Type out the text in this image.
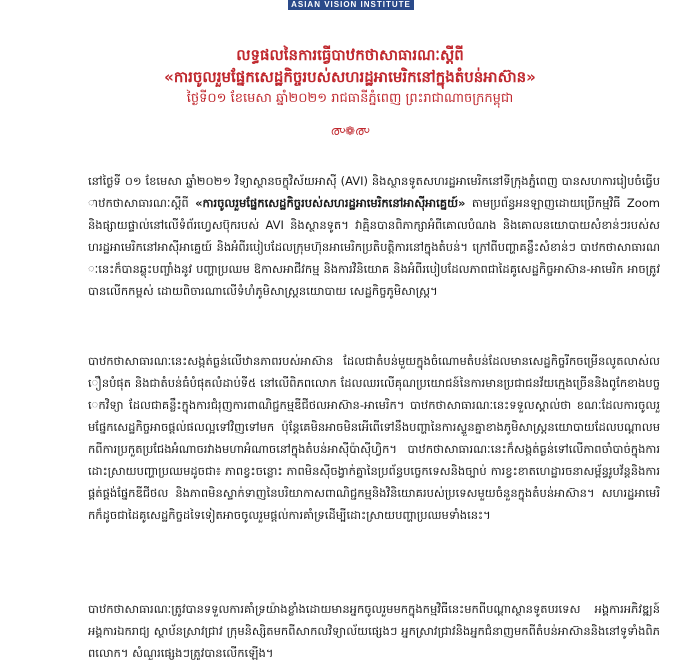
ASIAN VISION INSTITUTE
លទ្ធផលនៃការធ្វើបាឋកថាសាធារណៈស្ដីពី
«ការចូលរួមផ្នែកសេដ្ឋកិច្ចរបស់សហរដ្ឋអាមេរិកនៅក្នុងតំបន់អាស៊ាន»
ថ្ងៃទី០១ ខែមេសា ឆ្នាំ២០២១ រាជធានីភ្នំពេញ ព្រះរាជាណាចក្រកម្ពុជា
൞❁൞
នៅថ្ងៃទី ០១ ខែមេសា ឆ្នាំ២០២១ វិទ្យាស្ថានចក្ខុវិស័យអាស៊ី (AVI) និងស្ថានទូតសហរដ្ឋអាមេរិកនៅទីក្រុងភ្នំពេញ បានសហការរៀបចំធ្វើបាឋកថាសាធារណៈស្ដីពី «ការចូលរួមផ្នែកសេដ្ឋកិច្ចរបស់សហរដ្ឋអាមេរិកនៅអាស៊ីអាគ្នេយ៍» តាមប្រព័ន្ធអនឡាញដោយប្រើកម្មវិធី Zoom និងផ្សាយផ្ទាល់នៅលើទំព័រហ្វេសប៊ុករបស់ AVI និងស្ថានទូត។ វាគ្មិនបានពិភាក្សាអំពីគោលបំណង និងគោលនយោបាយសំខាន់ៗរបស់សហរដ្ឋអាមេរិកនៅអាស៊ីអាគ្នេយ៍ និងអំពីរបៀបដែលក្រុមហ៊ុនអាមេរិកប្រតិបត្តិការនៅក្នុងតំបន់។ ក្រៅពីបញ្ហាគន្លឹះសំខាន់ៗ បាឋកថាសាធារណៈនេះក៏បានឆ្លុះបញ្ចាំងនូវ បញ្ហាប្រឈម ឱកាសអាជីវកម្ម និងការវិនិយោគ និងអំពីរបៀបដែលភាពជាដៃគូសេដ្ឋកិច្ចអាស៊ាន-អាមេរិក អាចត្រូវបានលើកកម្ពស់ ដោយពិចារណាលើទំហំភូមិសាស្ត្រនយោបាយ សេដ្ឋកិច្ចភូមិសាស្ត្រ។
បាឋកថាសាធារណៈនេះសង្កត់ធ្ងន់លើឋានភាពរបស់អាស៊ាន ដែលជាតំបន់មួយក្នុងចំណោមតំបន់ដែលមានសេដ្ឋកិច្ចរីកចម្រើនលូតលាស់លឿនបំផុត និងជាតំបន់ធំបំផុតលំដាប់ទី៥ នៅលើពិភពលោក ដែលឈរលើគុណប្រយោជន៍នៃការមានប្រជាជនវ័យក្មេងច្រើននិងពូកែខាងបច្ចេកវិទ្យា ដែលជាគន្លឹះក្នុងការជំរុញការពាណិជ្ជកម្មឌីជីថលអាស៊ាន-អាមេរិក។ បាឋកថាសាធារណៈនេះទទួលស្គាល់ថា ខណៈដែលការចូលរួមផ្នែកសេដ្ឋកិច្ចអាចផ្ដល់ផលល្អទៅវិញទៅមក ប៉ុន្តែគេមិនអាចមិនអើពើទៅនឹងបញ្ហានៃការស្ទួនគ្នាខាងភូមិសាស្ត្រនយោបាយដែលបណ្ដាលមកពីការប្រកួតប្រជែងអំណាចរវាងមហាអំណាចនៅក្នុងតំបន់អាស៊ីប៉ាស៊ីហ្វិក។ បាឋកថាសាធារណៈនេះក៏សង្កត់ធ្ងន់ទៅលើភាពចាំបាច់ក្នុងការដោះស្រាយបញ្ហាប្រឈមដូចជា៖ ភាពខ្វះចន្លោះ ភាពមិនស៊ីចង្វាក់គ្នានៃប្រព័ន្ធបច្ចេកទេសនិងច្បាប់ ការខ្វះខាតហេដ្ឋារចនាសម្ព័ន្ធរូបវ័ន្តនិងការផ្គត់ផ្គង់ផ្នែកឌីជីថល និងភាពមិនស្ទាក់ទាញនៃបរិយាកាសពាណិជ្ជកម្មនិងវិនិយោគរបស់ប្រទេសមួយចំនួនក្នុងតំបន់អាស៊ាន។ សហរដ្ឋអាមេរិកក៏ដូចជាដៃគូសេដ្ឋកិច្ចដទៃទៀតអាចចូលរួមផ្ដល់ការគាំទ្រដើម្បីដោះស្រាយបញ្ហាប្រឈមទាំងនេះ។
បាឋកថាសាធារណៈត្រូវបានទទួលការគាំទ្រយ៉ាងខ្លាំងដោយមានអ្នកចូលរួមមកក្នុងកម្មវិធីនេះមកពីបណ្ដាស្ថានទូតបរទេស អង្គការអភិវឌ្ឍន៍ អង្គការឯករាជ្យ ស្ថាប័នស្រាវជ្រាវ ក្រុមនិស្សិតមកពីសាកលវិទ្យាល័យផ្សេងៗ អ្នកស្រាវជ្រាវនិងអ្នកជំនាញមកពីតំបន់អាស៊ាននិងនៅទូទាំងពិភពលោក។ សំណួរផ្សេងៗត្រូវបានលើកឡើង។
